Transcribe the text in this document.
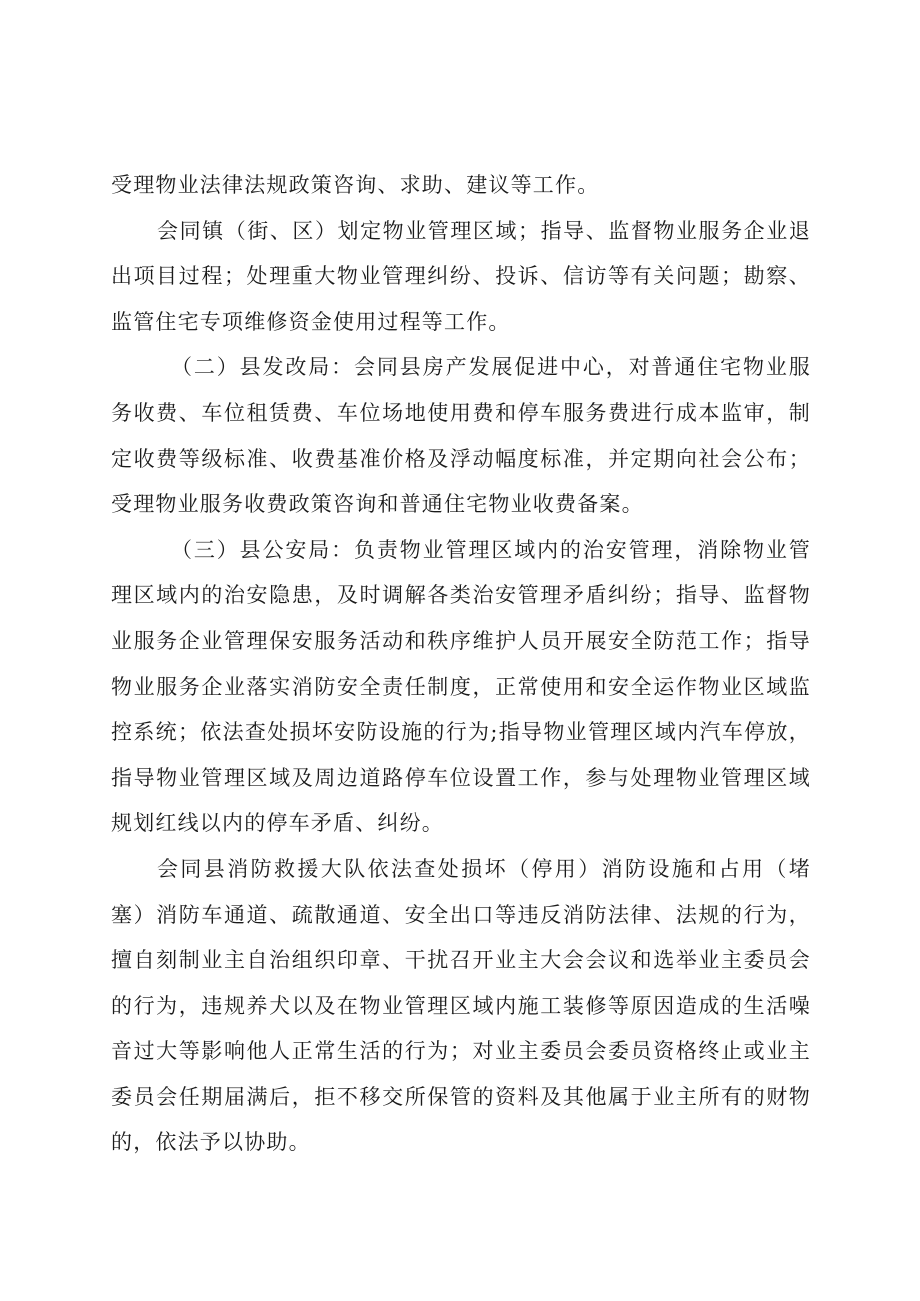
受理物业法律法规政策咨询、求助、建议等工作。

会同镇（街、区）划定物业管理区域；指导、监督物业服务企业退出项目过程；处理重大物业管理纠纷、投诉、信访等有关问题；勘察、监管住宅专项维修资金使用过程等工作。

（二）县发改局：会同县房产发展促进中心，对普通住宅物业服务收费、车位租赁费、车位场地使用费和停车服务费进行成本监审，制定收费等级标准、收费基准价格及浮动幅度标准，并定期向社会公布；受理物业服务收费政策咨询和普通住宅物业收费备案。

（三）县公安局：负责物业管理区域内的治安管理，消除物业管理区域内的治安隐患，及时调解各类治安管理矛盾纠纷；指导、监督物业服务企业管理保安服务活动和秩序维护人员开展安全防范工作；指导物业服务企业落实消防安全责任制度，正常使用和安全运作物业区域监控系统；依法查处损坏安防设施的行为;指导物业管理区域内汽车停放，指导物业管理区域及周边道路停车位设置工作，参与处理物业管理区域规划红线以内的停车矛盾、纠纷。

会同县消防救援大队依法查处损坏（停用）消防设施和占用（堵塞）消防车通道、疏散通道、安全出口等违反消防法律、法规的行为，擅自刻制业主自治组织印章、干扰召开业主大会会议和选举业主委员会的行为，违规养犬以及在物业管理区域内施工装修等原因造成的生活噪音过大等影响他人正常生活的行为；对业主委员会委员资格终止或业主委员会任期届满后，拒不移交所保管的资料及其他属于业主所有的财物的，依法予以协助。
